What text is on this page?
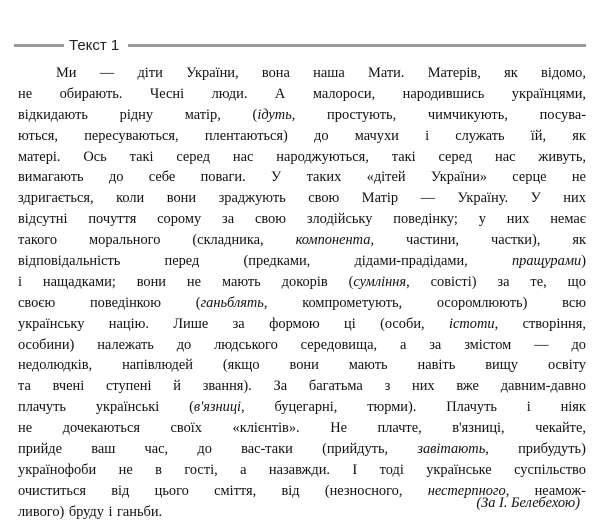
Текст 1
Ми — діти України, вона наша Мати. Матерів, як відомо,
не обирають. Чесні люди. А малороси, народившись українцями,
відкидають рідну матір, (ідуть, простують, чимчикують, посува-
ються, пересуваються, плентаються) до мачухи і служать їй, як
матері. Ось такі серед нас народжуються, такі серед нас живуть,
вимагають до себе поваги. У таких «дітей України» серце не
здригається, коли вони зраджують свою Матір — Україну. У них
відсутні почуття сорому за свою злодійську поведінку; у них немає
такого морального (складника, компонента, частини, частки), як
відповідальність	перед	(предками,	дідами-прадідами,	пращурами)
і нащадками; вони не мають докорів (сумління, совісті) за те, що
своєю поведінкою (ганьблять, компрометують, осоромлюють) всю
українську націю. Лише за формою ці (особи, істоти, створіння,
особини) належать до людського середовища, а за змістом — до
недолюдків, напівлюдей (якщо вони мають навіть вищу освіту
та вчені ступені й звання). За багатьма з них вже давним-давно
плачуть українські (в'язниці, буцегарні, тюрми). Плачуть і ніяк
не дочекаються своїх «клієнтів». Не плачте, в'язниці, чекайте,
прийде ваш час, до вас-таки (прийдуть, завітають, прибудуть)
українофоби не в гості, а назавжди. І тоді українське суспільство
очиститься від цього сміття, від (незносного, нестерпного, неамож-
ливого) бруду і ганьби.
(За І. Белебехою)
